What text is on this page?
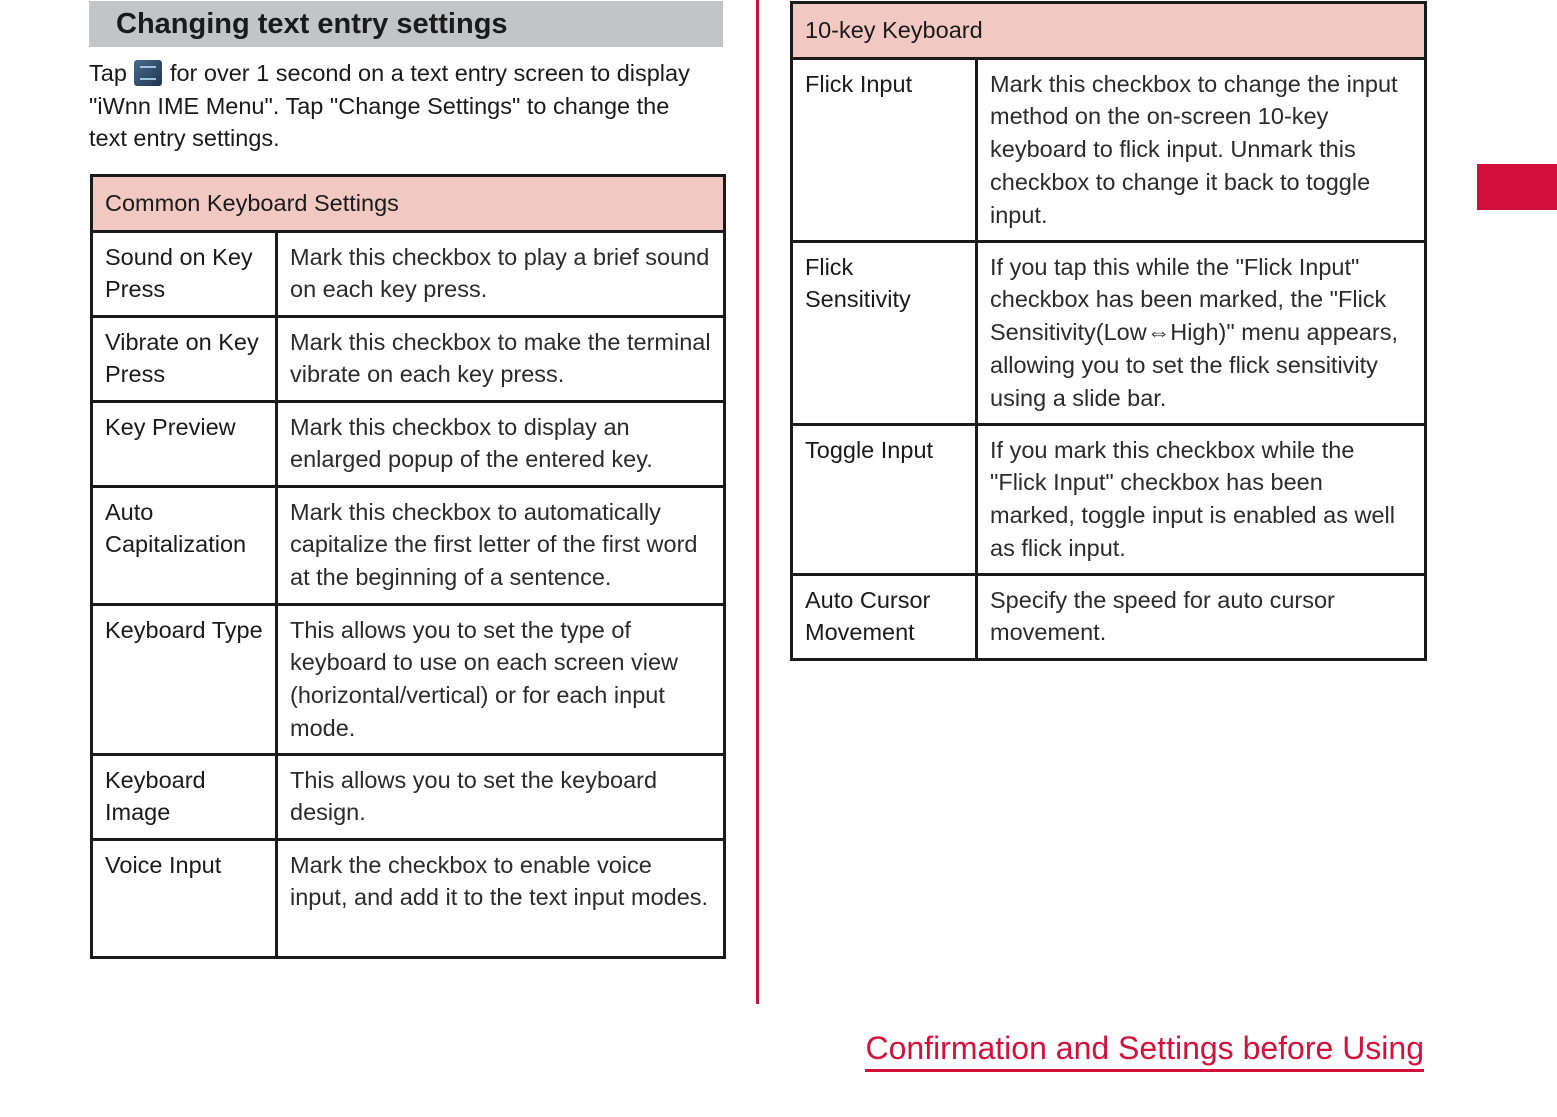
Changing text entry settings
Tap  for over 1 second on a text entry screen to display "iWnn IME Menu". Tap "Change Settings" to change the text entry settings.
Common Keyboard Settings	
Sound on Key Press	Mark this checkbox to play a brief sound on each key press.
Vibrate on Key Press	Mark this checkbox to make the terminal vibrate on each key press.
Key Preview	Mark this checkbox to display an enlarged popup of the entered key.
Auto Capitalization	Mark this checkbox to automatically capitalize the first letter of the first word at the beginning of a sentence.
Keyboard Type	This allows you to set the type of keyboard to use on each screen view (horizontal/vertical) or for each input mode.
Keyboard Image	This allows you to set the keyboard design.
Voice Input	Mark the checkbox to enable voice input, and add it to the text input modes.
10-key Keyboard	
Flick Input	Mark this checkbox to change the input method on the on-screen 10-key keyboard to flick input. Unmark this checkbox to change it back to toggle input.
Flick Sensitivity	If you tap this while the "Flick Input" checkbox has been marked, the "Flick Sensitivity(Low⇔High)" menu appears, allowing you to set the flick sensitivity using a slide bar.
Toggle Input	If you mark this checkbox while the "Flick Input" checkbox has been marked, toggle input is enabled as well as flick input.
Auto Cursor Movement	Specify the speed for auto cursor movement.
Confirmation and Settings before Using
